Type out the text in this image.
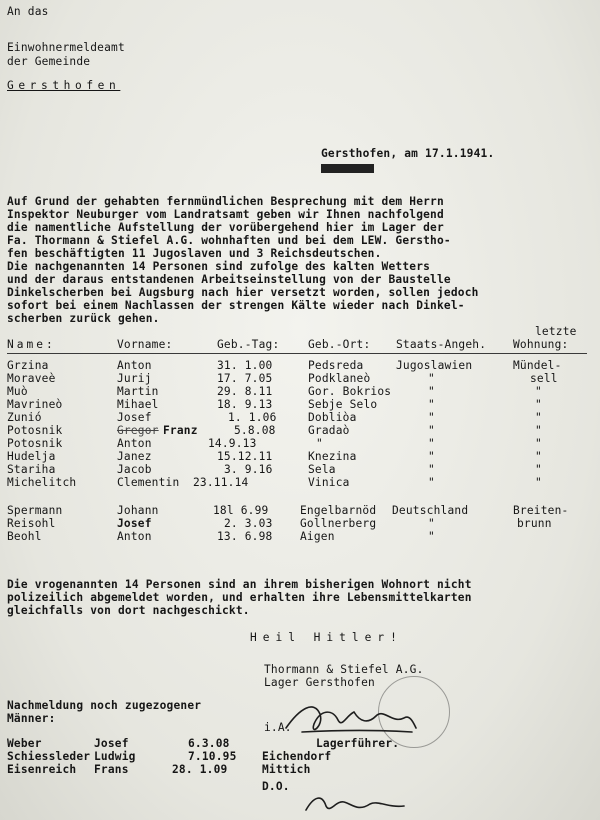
An das
Einwohnermeldeamt
der Gemeinde
Gersthofen
Gersthofen, am 17.1.1941.
Auf Grund der gehabten fernmündlichen Besprechung mit dem Herrn
Inspektor Neuburger vom Landratsamt geben wir Ihnen nachfolgend
die namentliche Aufstellung der vorübergehend hier im Lager der
Fa. Thormann & Stiefel A.G. wohnhaften und bei dem LEW. Gerstho-
fen beschäftigten 11 Jugoslaven und 3 Reichsdeutschen.
Die nachgenannten 14 Personen sind zufolge des kalten Wetters
und der daraus entstandenen Arbeitseinstellung von der Baustelle
Dinkelscherben bei Augsburg nach hier versetzt worden, sollen jedoch
sofort bei einem Nachlassen der strengen Kälte wieder nach Dinkel-
scherben zurück gehen.
letzte
Name:	Vorname:	Geb.-Tag:	Geb.-Ort: Staats-Angeh. Wohnung:
Grzina	Anton	31. 1.00	Pedsreda	Jugoslawien	Mündel-
Moraveè	Jurij	17. 7.05	Podklaneò	"	sell
Muò	Martin	29. 8.11	Gor. Bokrios	"	"
Mavrineò	Mihael	18. 9.13	Sebje Selo	"	"
Zunió	Josef	1. 1.06	Dobliòa	"	"
Potosnik	Gregor Franz	5.8.08	Gradaò	"	"
Potosnik	Anton	14.9.13	"	"	"
Hudelja	Janez	15.12.11	Knezina	"	"
Stariha	Jacob	3. 9.16	Sela	"	"
Michelitch	Clementin 23.11.14	Vinica	"	"
Spermann	Johann	18l 6.99	Engelbarnöd Deutschland	Breiten-
Reisohl	Josef	2. 3.03 Gollnerberg	"	brunn
Beohl	Anton	13. 6.98 Aigen	"
Die vrogenannten 14 Personen sind an ihrem bisherigen Wohnort nicht
polizeilich abgemeldet worden, und erhalten ihre Lebensmittelkarten
gleichfalls von dort nachgeschickt.
Heil Hitler!
Thormann & Stiefel A.G.
Lager Gersthofen
i.A.
Lagerführer.
Nachmeldung noch zugezogener
Männer:
Weber	Josef	6.3.08
Schiessleder Ludwig	7.10.95 Eichendorf
Eisenreich Frans	28. 1.09	Mittich
D.O.
